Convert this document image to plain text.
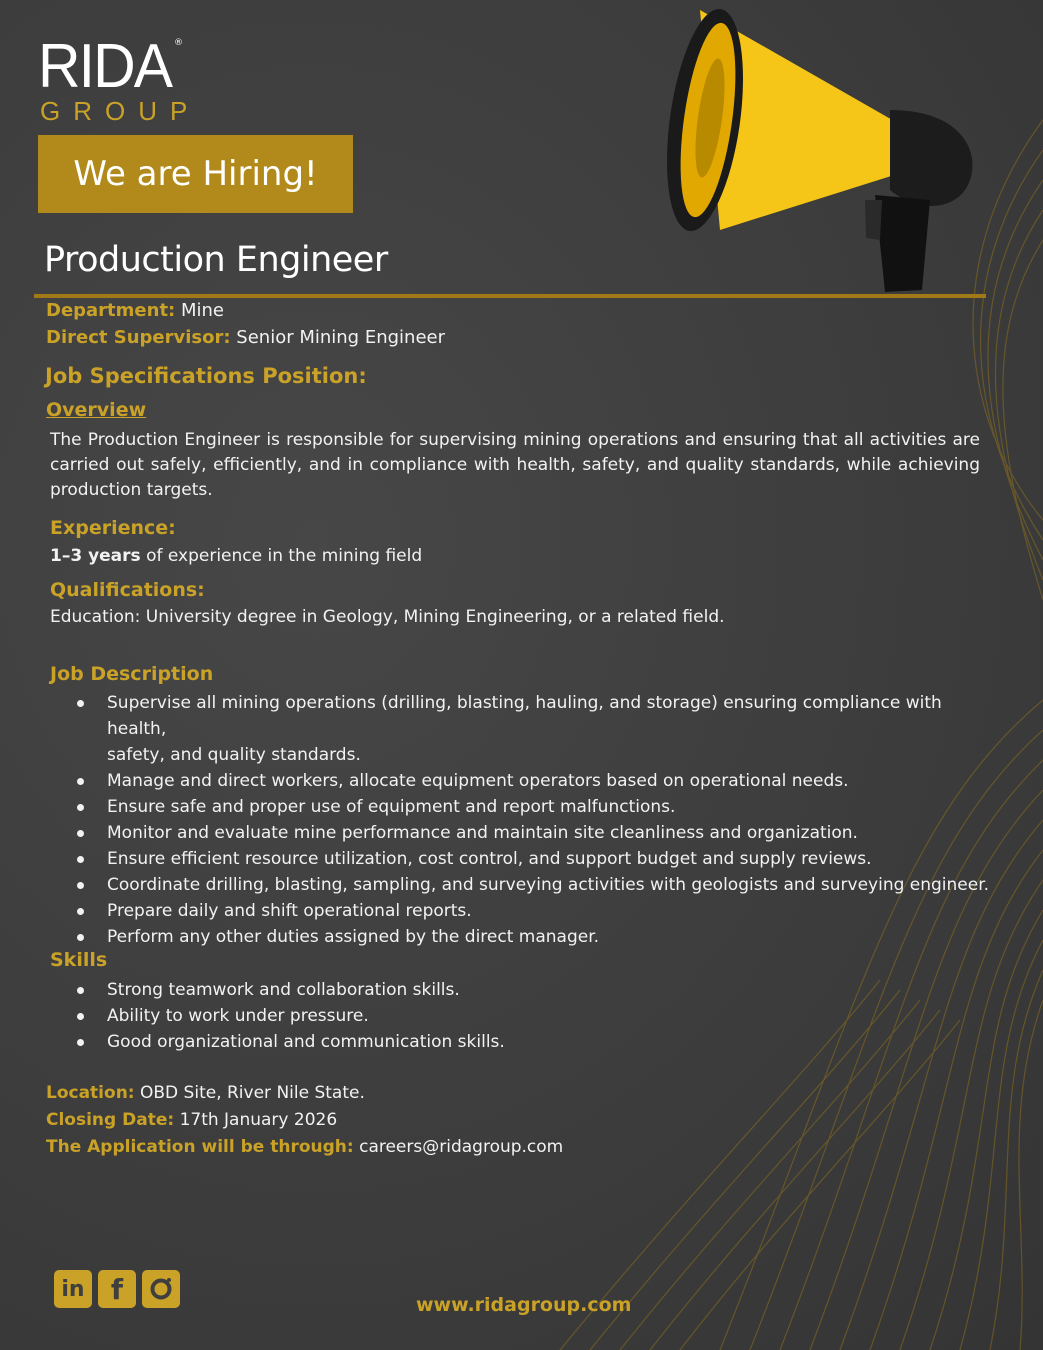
RIDA ®
GROUP
We are Hiring!
Production Engineer
Department: Mine
Direct Supervisor: Senior Mining Engineer
Job Specifications Position:
Overview
The Production Engineer is responsible for supervising mining operations and ensuring that all activities are carried out safely, efficiently, and in compliance with health, safety, and quality standards, while achieving production targets.
Experience:
1–3 years of experience in the mining field
Qualifications:
Education: University degree in Geology, Mining Engineering, or a related field.
Job Description
Supervise all mining operations (drilling, blasting, hauling, and storage) ensuring compliance with health,
safety, and quality standards.
Manage and direct workers, allocate equipment operators based on operational needs.
Ensure safe and proper use of equipment and report malfunctions.
Monitor and evaluate mine performance and maintain site cleanliness and organization.
Ensure efficient resource utilization, cost control, and support budget and supply reviews.
Coordinate drilling, blasting, sampling, and surveying activities with geologists and surveying engineer.
Prepare daily and shift operational reports.
Perform any other duties assigned by the direct manager.
Skills
Strong teamwork and collaboration skills.
Ability to work under pressure.
Good organizational and communication skills.
Location: OBD Site, River Nile State.
Closing Date: 17th January 2026
The Application will be through: careers@ridagroup.com
in f	www.ridagroup.com
